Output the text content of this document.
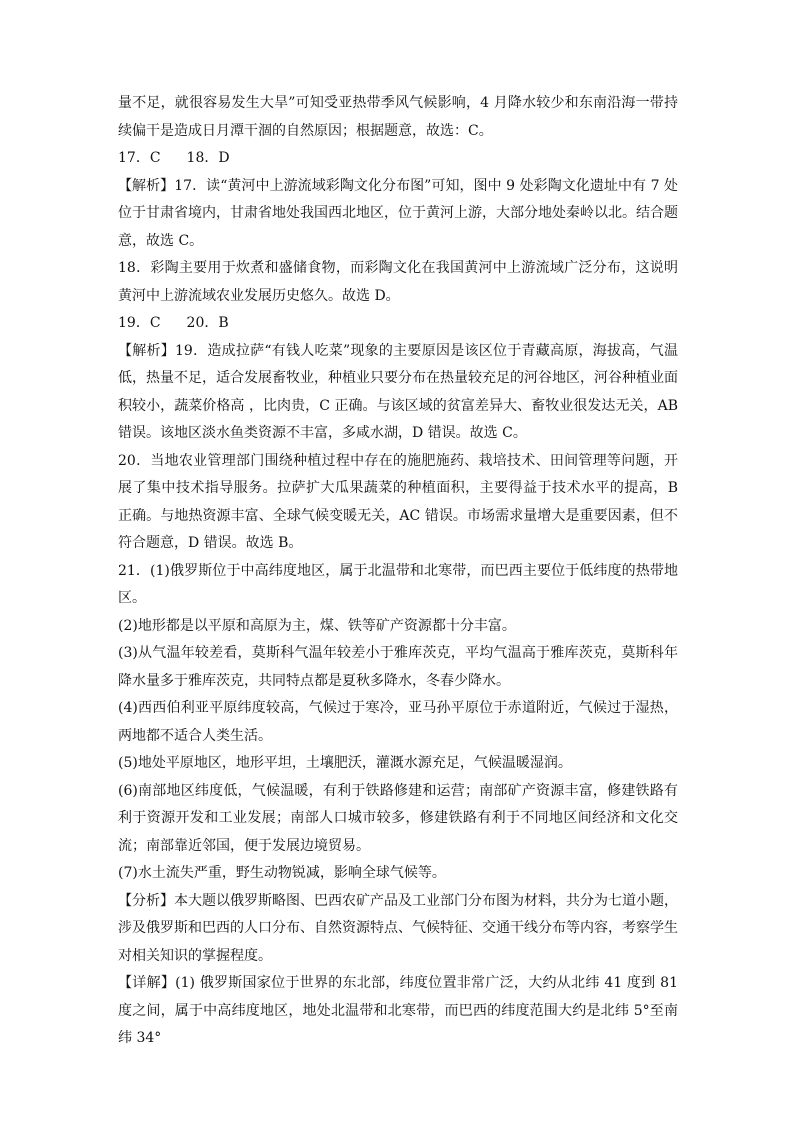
量不足，就很容易发生大旱”可知受亚热带季风气候影响，4 月降水较少和东南沿海一带持续偏干是造成日月潭干涸的自然原因；根据题意，故选：C。

17．C 18．D

【解析】17．读“黄河中上游流域彩陶文化分布图”可知，图中 9 处彩陶文化遗址中有 7 处位于甘肃省境内，甘肃省地处我国西北地区，位于黄河上游，大部分地处秦岭以北。结合题意，故选 C。

18．彩陶主要用于炊煮和盛储食物，而彩陶文化在我国黄河中上游流域广泛分布，这说明黄河中上游流域农业发展历史悠久。故选 D。

19．C 20．B

【解析】19．造成拉萨“有钱人吃菜”现象的主要原因是该区位于青藏高原，海拔高，气温低，热量不足，适合发展畜牧业，种植业只要分布在热量较充足的河谷地区，河谷种植业面积较小，蔬菜价格高 ，比肉贵，C 正确。与该区域的贫富差异大、畜牧业很发达无关，AB 错误。该地区淡水鱼类资源不丰富，多咸水湖，D 错误。故选 C。

20．当地农业管理部门围绕种植过程中存在的施肥施药、栽培技术、田间管理等问题，开展了集中技术指导服务。拉萨扩大瓜果蔬菜的种植面积，主要得益于技术水平的提高，B 正确。与地热资源丰富、全球气候变暖无关，AC 错误。市场需求量增大是重要因素，但不符合题意，D 错误。故选 B。

21．(1)俄罗斯位于中高纬度地区，属于北温带和北寒带，而巴西主要位于低纬度的热带地区。

(2)地形都是以平原和高原为主，煤、铁等矿产资源都十分丰富。

(3)从气温年较差看，莫斯科气温年较差小于雅库茨克，平均气温高于雅库茨克，莫斯科年降水量多于雅库茨克，共同特点都是夏秋多降水，冬春少降水。

(4)西西伯利亚平原纬度较高，气候过于寒冷，亚马孙平原位于赤道附近，气候过于湿热，两地都不适合人类生活。

(5)地处平原地区，地形平坦，土壤肥沃，灌溉水源充足，气候温暖湿润。

(6)南部地区纬度低，气候温暖，有利于铁路修建和运营；南部矿产资源丰富，修建铁路有利于资源开发和工业发展；南部人口城市较多，修建铁路有利于不同地区间经济和文化交流；南部靠近邻国，便于发展边境贸易。

(7)水土流失严重，野生动物锐减，影响全球气候等。

【分析】本大题以俄罗斯略图、巴西农矿产品及工业部门分布图为材料，共分为七道小题，涉及俄罗斯和巴西的人口分布、自然资源特点、气候特征、交通干线分布等内容，考察学生对相关知识的掌握程度。

【详解】(1) 俄罗斯国家位于世界的东北部，纬度位置非常广泛，大约从北纬 41 度到 81 度之间，属于中高纬度地区，地处北温带和北寒带，而巴西的纬度范围大约是北纬 5°至南纬 34°
